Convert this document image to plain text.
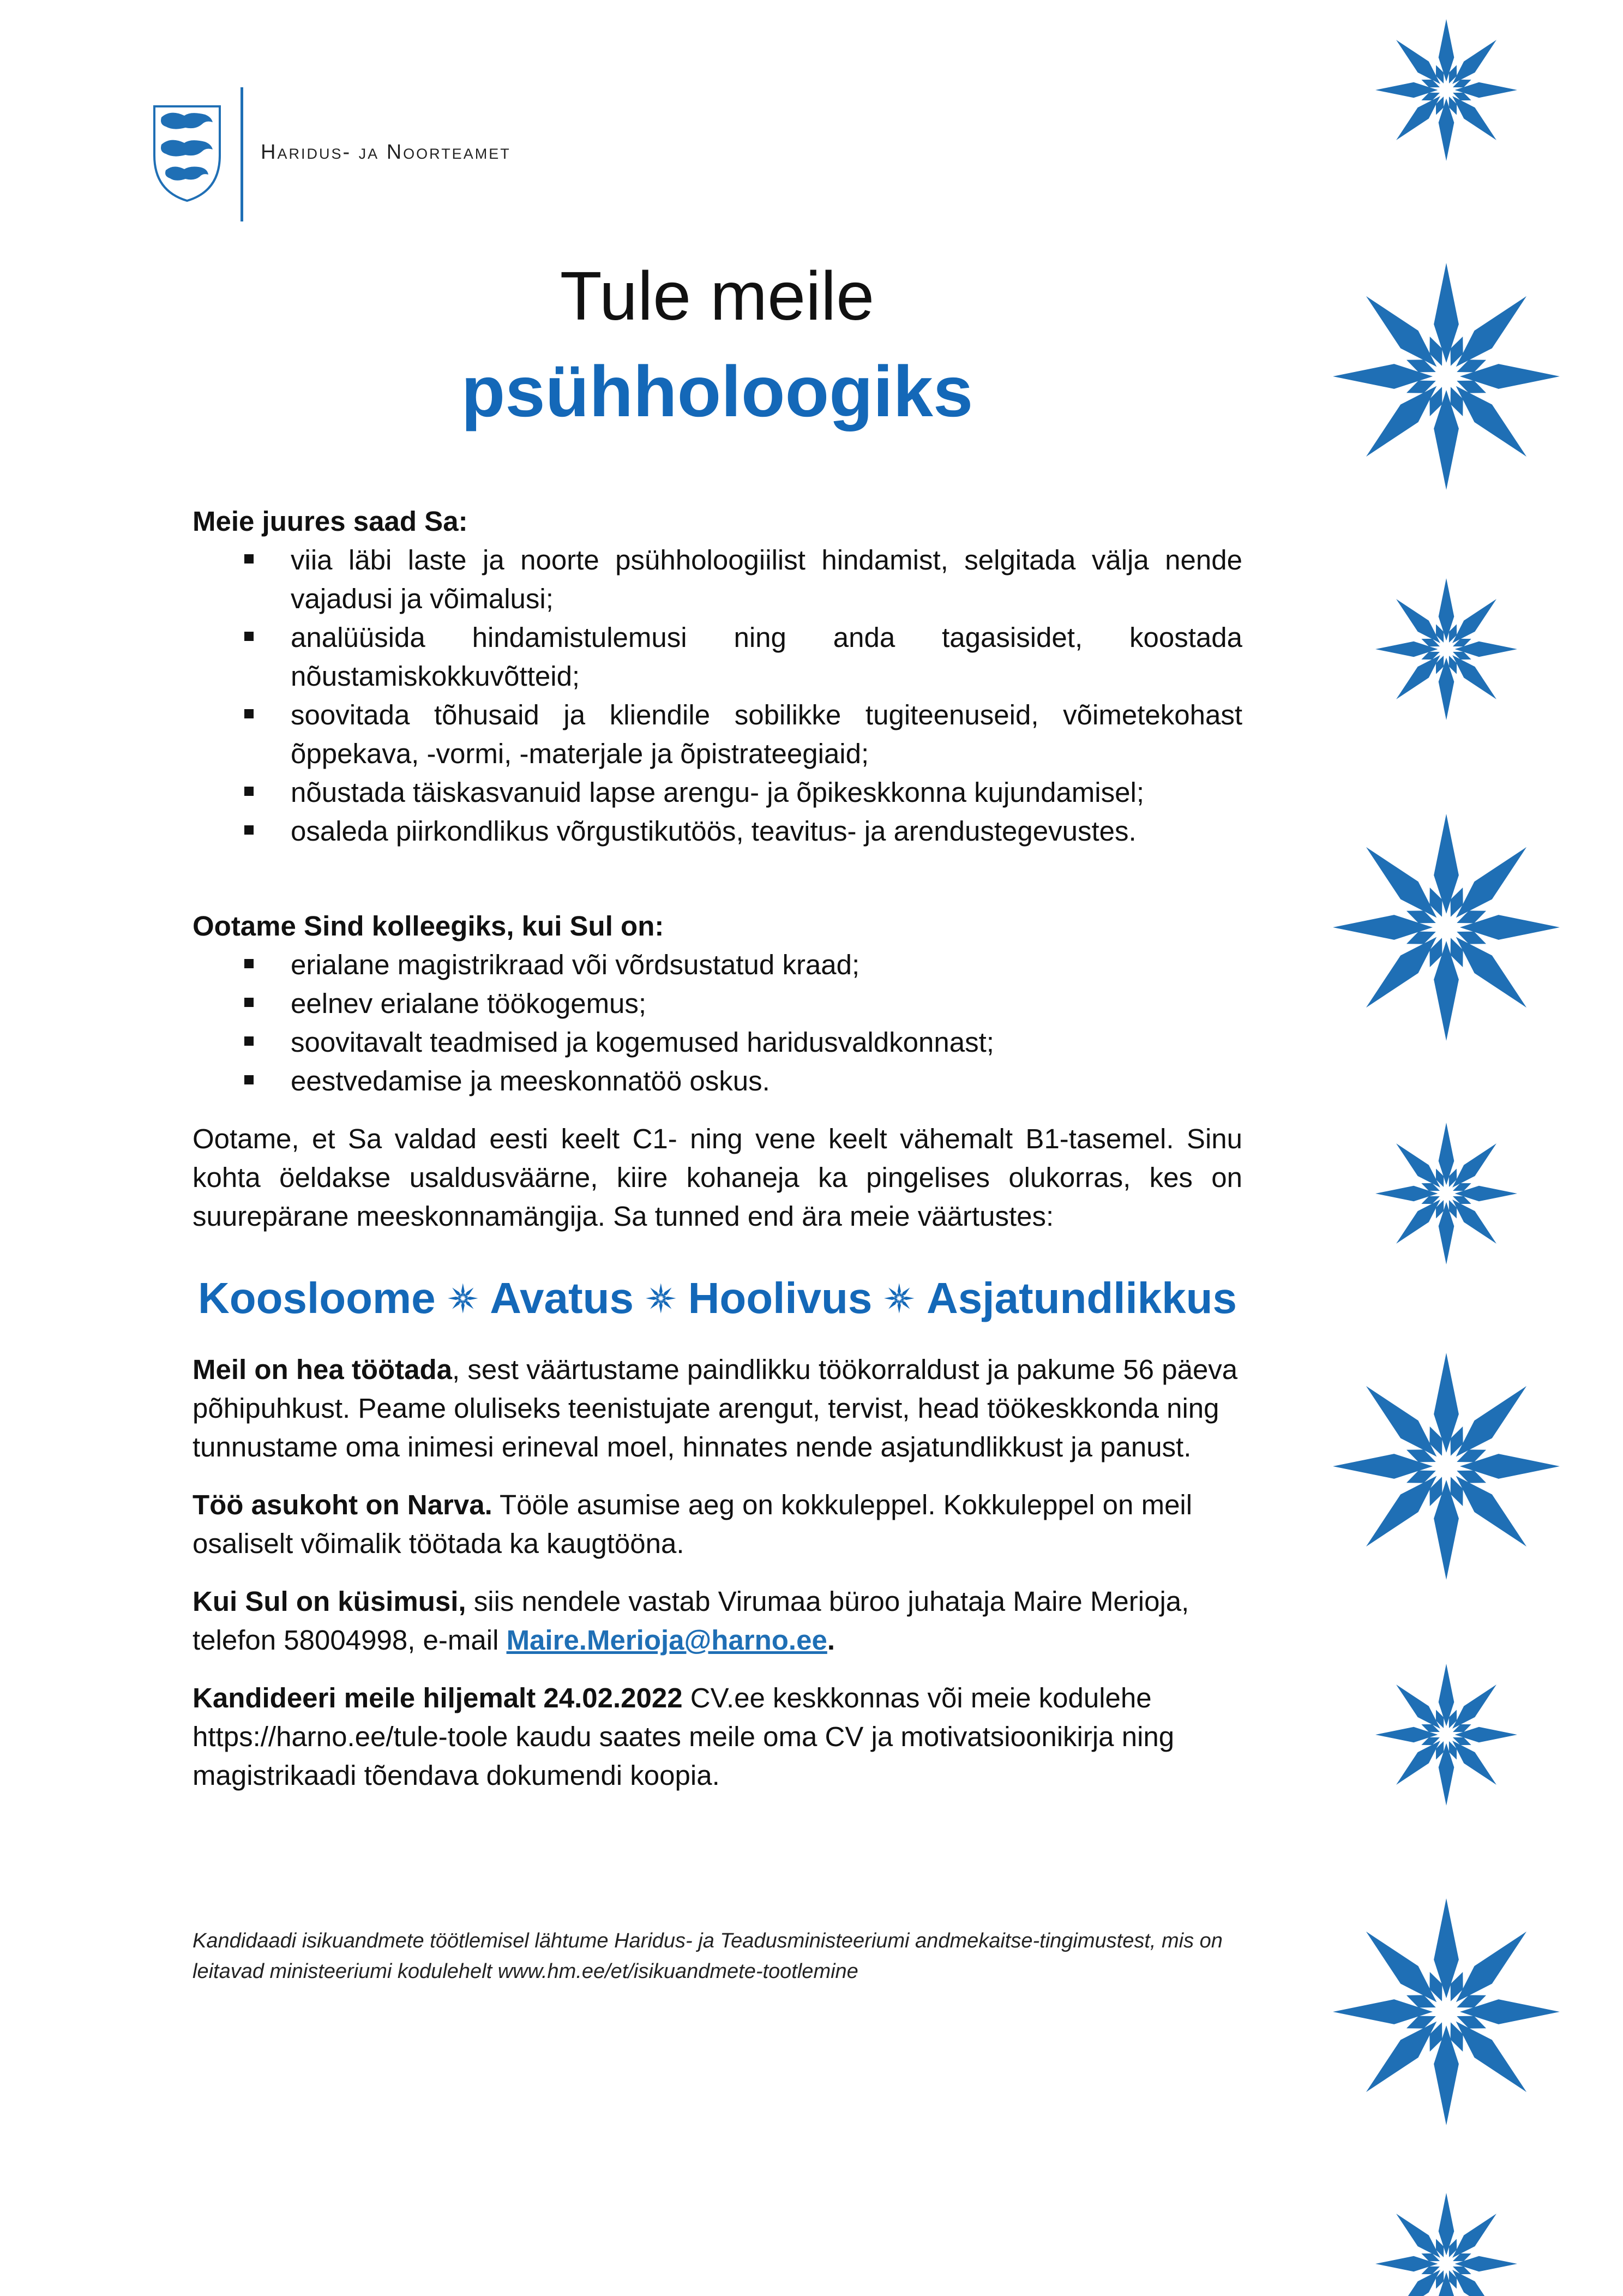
Haridus- ja Noorteamet
Tule meile
psühholoogiks
Meie juures saad Sa:
viia läbi laste ja noorte psühholoogiilist hindamist, selgitada välja nende vajadusi ja võimalusi;
analüüsida hindamistulemusi ning anda tagasisidet, koostada nõustamiskokkuvõtteid;
soovitada tõhusaid ja kliendile sobilikke tugiteenuseid, võimetekohast õppekava, -vormi, -materjale ja õpistrateegiaid;
nõustada täiskasvanuid lapse arengu- ja õpikeskkonna kujundamisel;
osaleda piirkondlikus võrgustikutöös, teavitus- ja arendustegevustes.
Ootame Sind kolleegiks, kui Sul on:
erialane magistrikraad või võrdsustatud kraad;
eelnev erialane töökogemus;
soovitavalt teadmised ja kogemused haridusvaldkonnast;
eestvedamise ja meeskonnatöö oskus.

Ootame, et Sa valdad eesti keelt C1- ning vene keelt vähemalt B1-tasemel. Sinu kohta öeldakse usaldusväärne, kiire kohaneja ka pingelises olukorras, kes on suurepärane meeskonnamängija. Sa tunned end ära meie väärtustes:

Koosloome Avatus Hoolivus Asjatundlikkus

Meil on hea töötada, sest väärtustame paindlikku töökorraldust ja pakume 56 päeva põhipuhkust. Peame oluliseks teenistujate arengut, tervist, head töökeskkonda ning tunnustame oma inimesi erineval moel, hinnates nende asjatundlikkust ja panust.

Töö asukoht on Narva. Tööle asumise aeg on kokkuleppel. Kokkuleppel on meil osaliselt võimalik töötada ka kaugtööna.

Kui Sul on küsimusi, siis nendele vastab Virumaa büroo juhataja Maire Merioja, telefon 58004998, e-mail Maire.Merioja@harno.ee.

Kandideeri meile hiljemalt 24.02.2022 CV.ee keskkonnas või meie kodulehe https://harno.ee/tule-toole kaudu saates meile oma CV ja motivatsioonikirja ning magistrikaadi tõendava dokumendi koopia.

Kandidaadi isikuandmete töötlemisel lähtume Haridus- ja Teadusministeeriumi andmekaitse-tingimustest, mis on leitavad ministeeriumi kodulehelt www.hm.ee/et/isikuandmete-tootlemine
